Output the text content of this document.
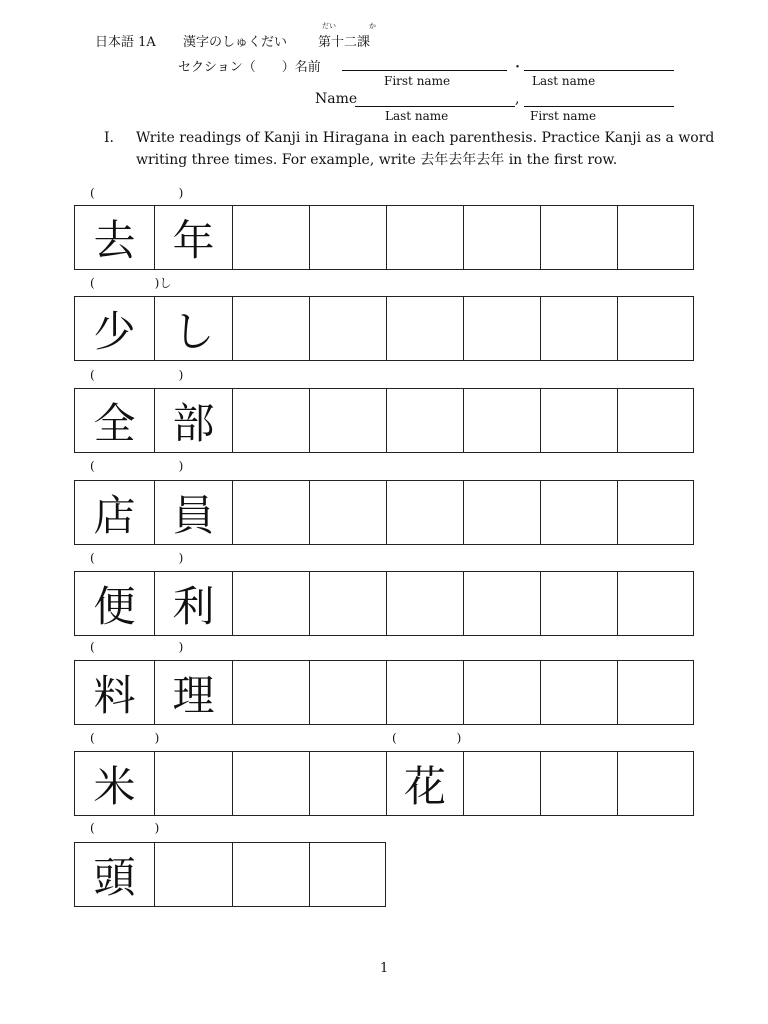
日本語 1A 漢字のしゅくだい
だい	か
第十二課
セクション（　　）名前	・
First name	Last name
Name	,
Last name	First name
I. Write readings of Kanji in Hiragana in each parenthesis. Practice Kanji as a word
writing three times. For example, write 去年去年去年 in the first row.
(　　　　　　　)
去 年
(　　　　　)し
少 し
(　　　　　　　)
全 部
(　　　　　　　)
店 員
(　　　　　　　)
便 利
(　　　　　　　)
料 理
(　　　　　)	(　　　　　)
米	花
(　　　　　)
頭
1
